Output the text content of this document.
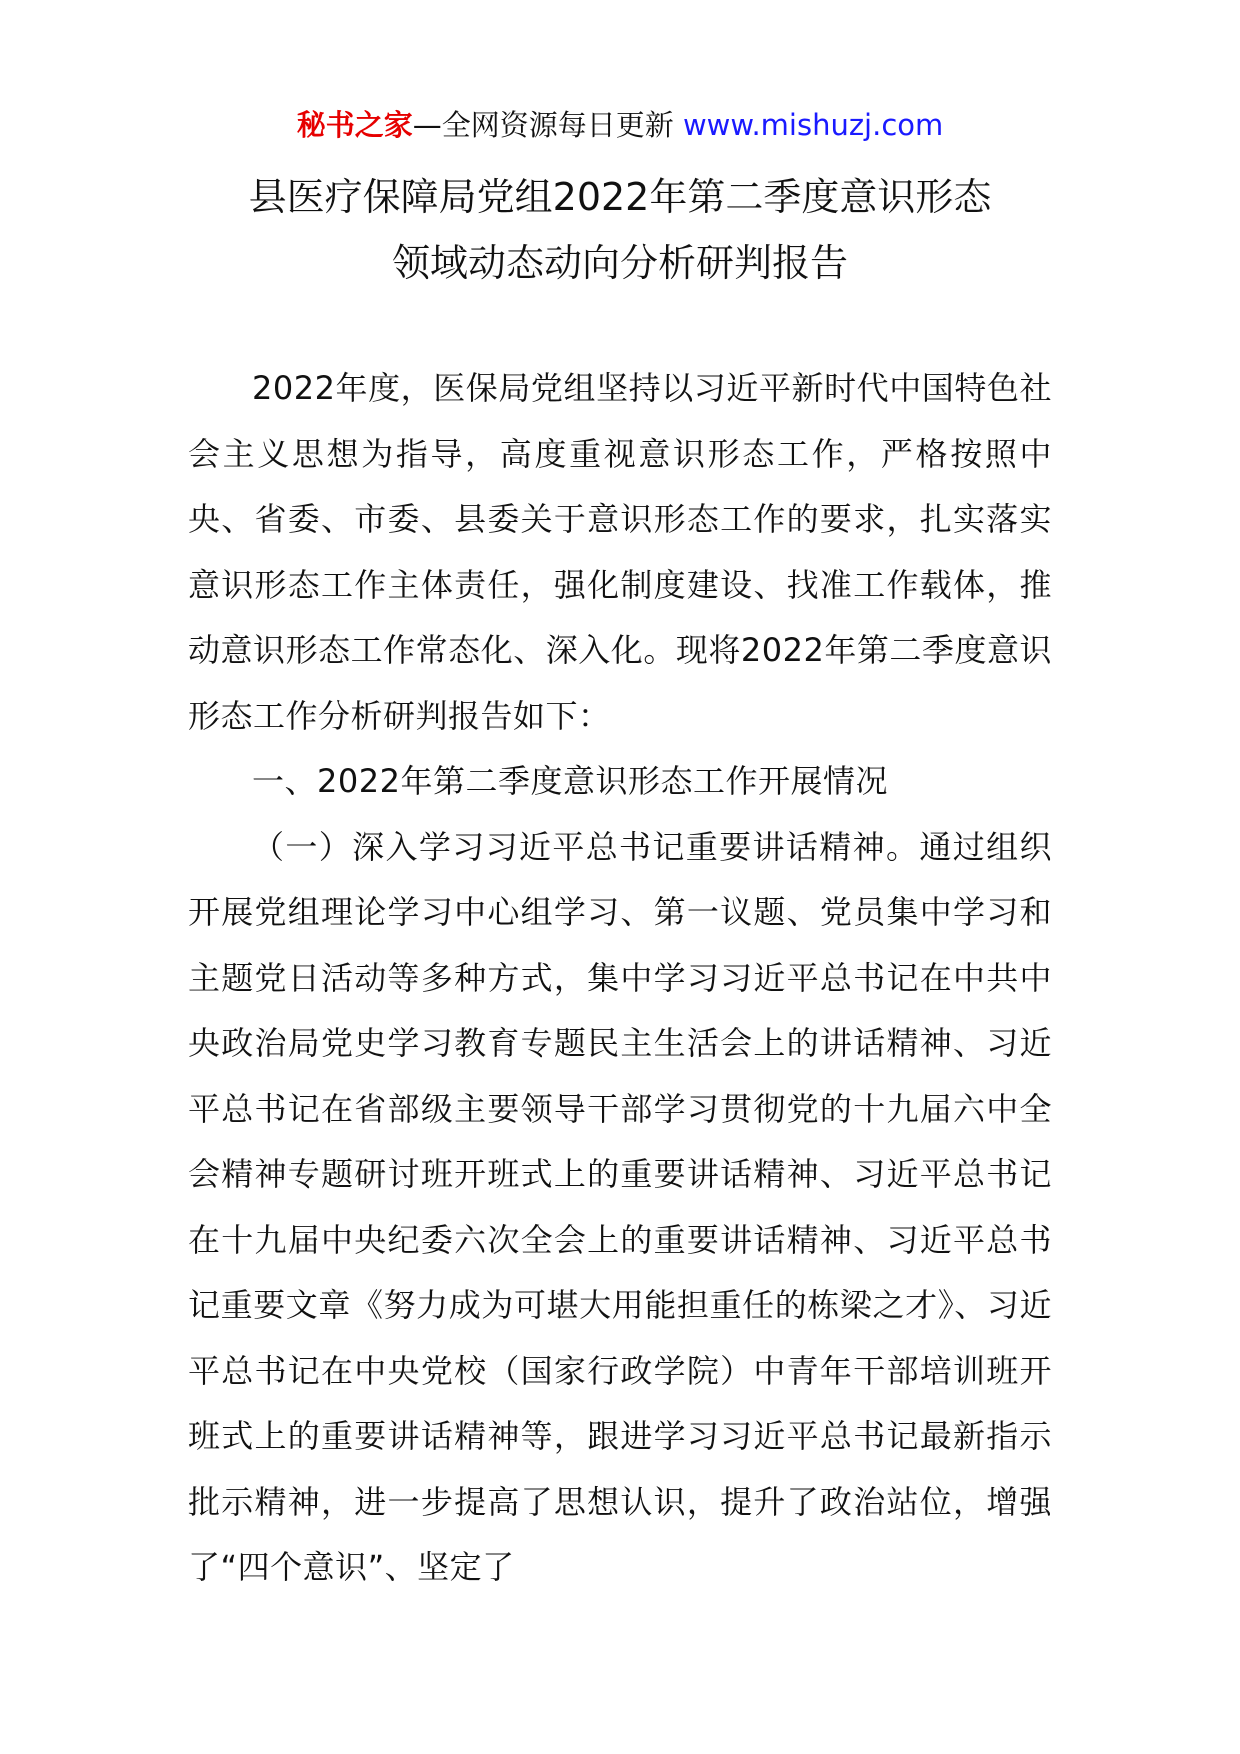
秘书之家—全网资源每日更新 www.mishuzj.com
县医疗保障局党组2022年第二季度意识形态
领域动态动向分析研判报告

2022年度，医保局党组坚持以习近平新时代中国特色社会主义思想为指导，高度重视意识形态工作，严格按照中央、省委、市委、县委关于意识形态工作的要求，扎实落实意识形态工作主体责任，强化制度建设、找准工作载体，推动意识形态工作常态化、深入化。现将2022年第二季度意识形态工作分析研判报告如下：

一、2022年第二季度意识形态工作开展情况

（一）深入学习习近平总书记重要讲话精神。通过组织开展党组理论学习中心组学习、第一议题、党员集中学习和主题党日活动等多种方式，集中学习习近平总书记在中共中央政治局党史学习教育专题民主生活会上的讲话精神、习近平总书记在省部级主要领导干部学习贯彻党的十九届六中全会精神专题研讨班开班式上的重要讲话精神、习近平总书记在十九届中央纪委六次全会上的重要讲话精神、习近平总书记重要文章《努力成为可堪大用能担重任的栋梁之才》、习近平总书记在中央党校（国家行政学院）中青年干部培训班开班式上的重要讲话精神等，跟进学习习近平总书记最新指示批示精神，进一步提高了思想认识，提升了政治站位，增强了“四个意识”、坚定了
